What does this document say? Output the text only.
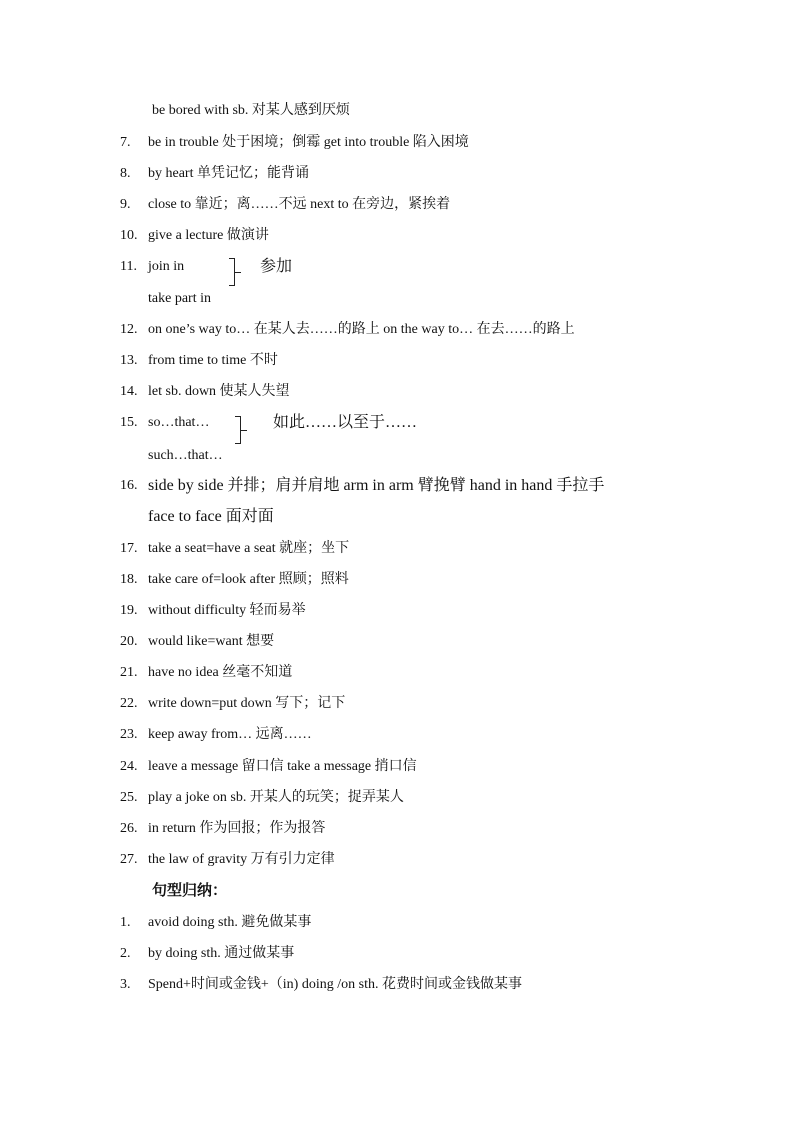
be bored with sb. 对某人感到厌烦
7.	be in trouble 处于困境；倒霉 get into trouble 陷入困境
8.	by heart 单凭记忆；能背诵
9.	close to 靠近；离……不远 next to 在旁边，紧挨着
10. give a lecture 做演讲
11. join in	参加
take part in
12. on one’s way to… 在某人去……的路上 on the way to… 在去……的路上
13. from time to time 不时
14. let sb. down 使某人失望
15. so…that…	如此……以至于……
such…that…
16. side by side 并排；肩并肩地 arm in arm 臂挽臂 hand in hand 手拉手
face to face 面对面
17. take a seat=have a seat 就座；坐下
18. take care of=look after 照顾；照料
19. without difficulty 轻而易举
20. would like=want 想要
21. have no idea 丝毫不知道
22. write down=put down 写下；记下
23. keep away from… 远离……
24. leave a message 留口信 take a message 捎口信
25. play a joke on sb. 开某人的玩笑；捉弄某人
26. in return 作为回报；作为报答
27. the law of gravity 万有引力定律
句型归纳：
1.	avoid doing sth. 避免做某事
2.	by doing sth. 通过做某事
3.	Spend+时间或金钱+（in) doing /on sth. 花费时间或金钱做某事
